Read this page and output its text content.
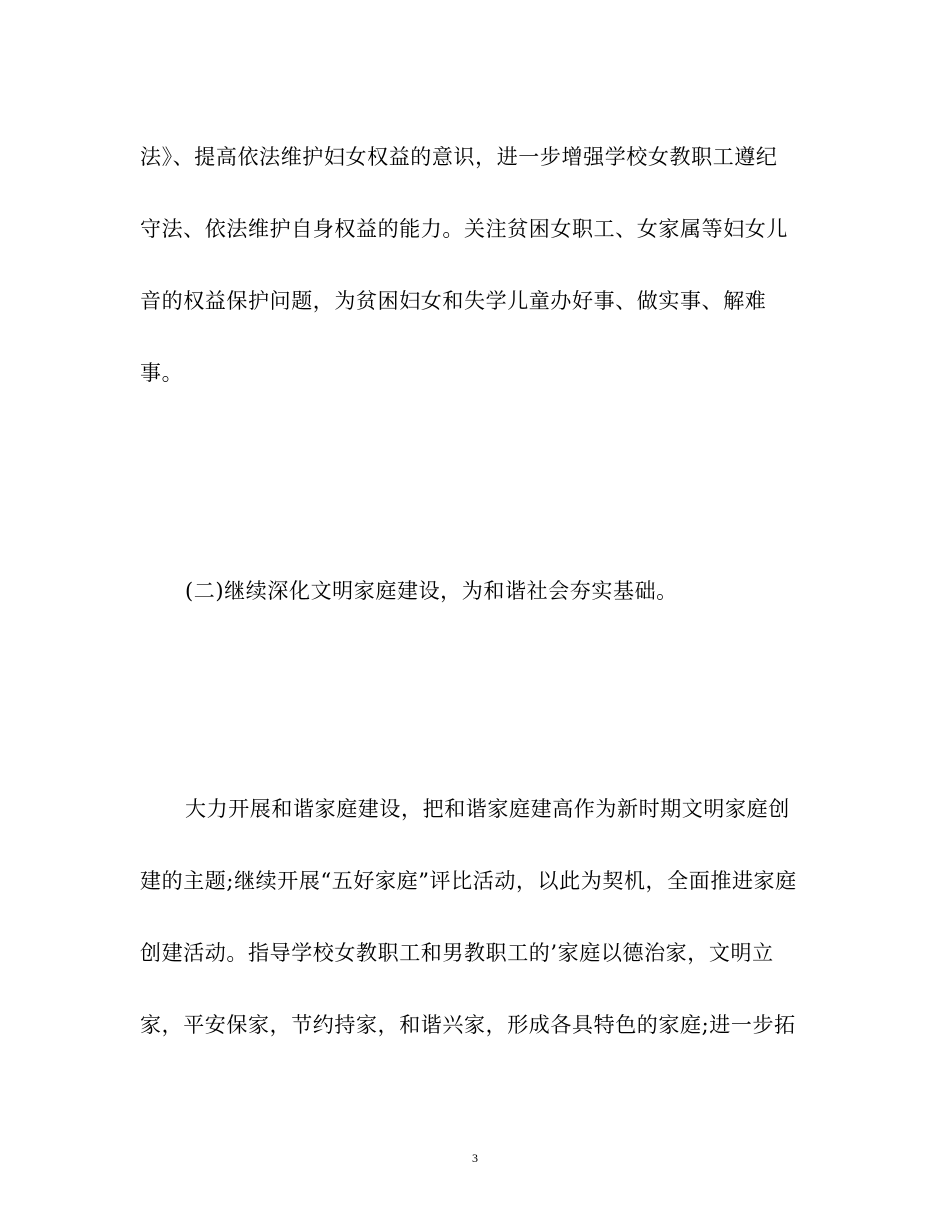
法》、提高依法维护妇女权益的意识，进一步增强学校女教职工遵纪
守法、依法维护自身权益的能力。关注贫困女职工、女家属等妇女儿
音的权益保护问题，为贫困妇女和失学儿童办好事、做实事、解难
事。
(二)继续深化文明家庭建设，为和谐社会夯实基础。
大力开展和谐家庭建设，把和谐家庭建高作为新时期文明家庭创
建的主题;继续开展“五好家庭”评比活动，以此为契机，全面推进家庭
创建活动。指导学校女教职工和男教职工的’家庭以德治家，文明立
家，平安保家，节约持家，和谐兴家，形成各具特色的家庭;进一步拓
3
